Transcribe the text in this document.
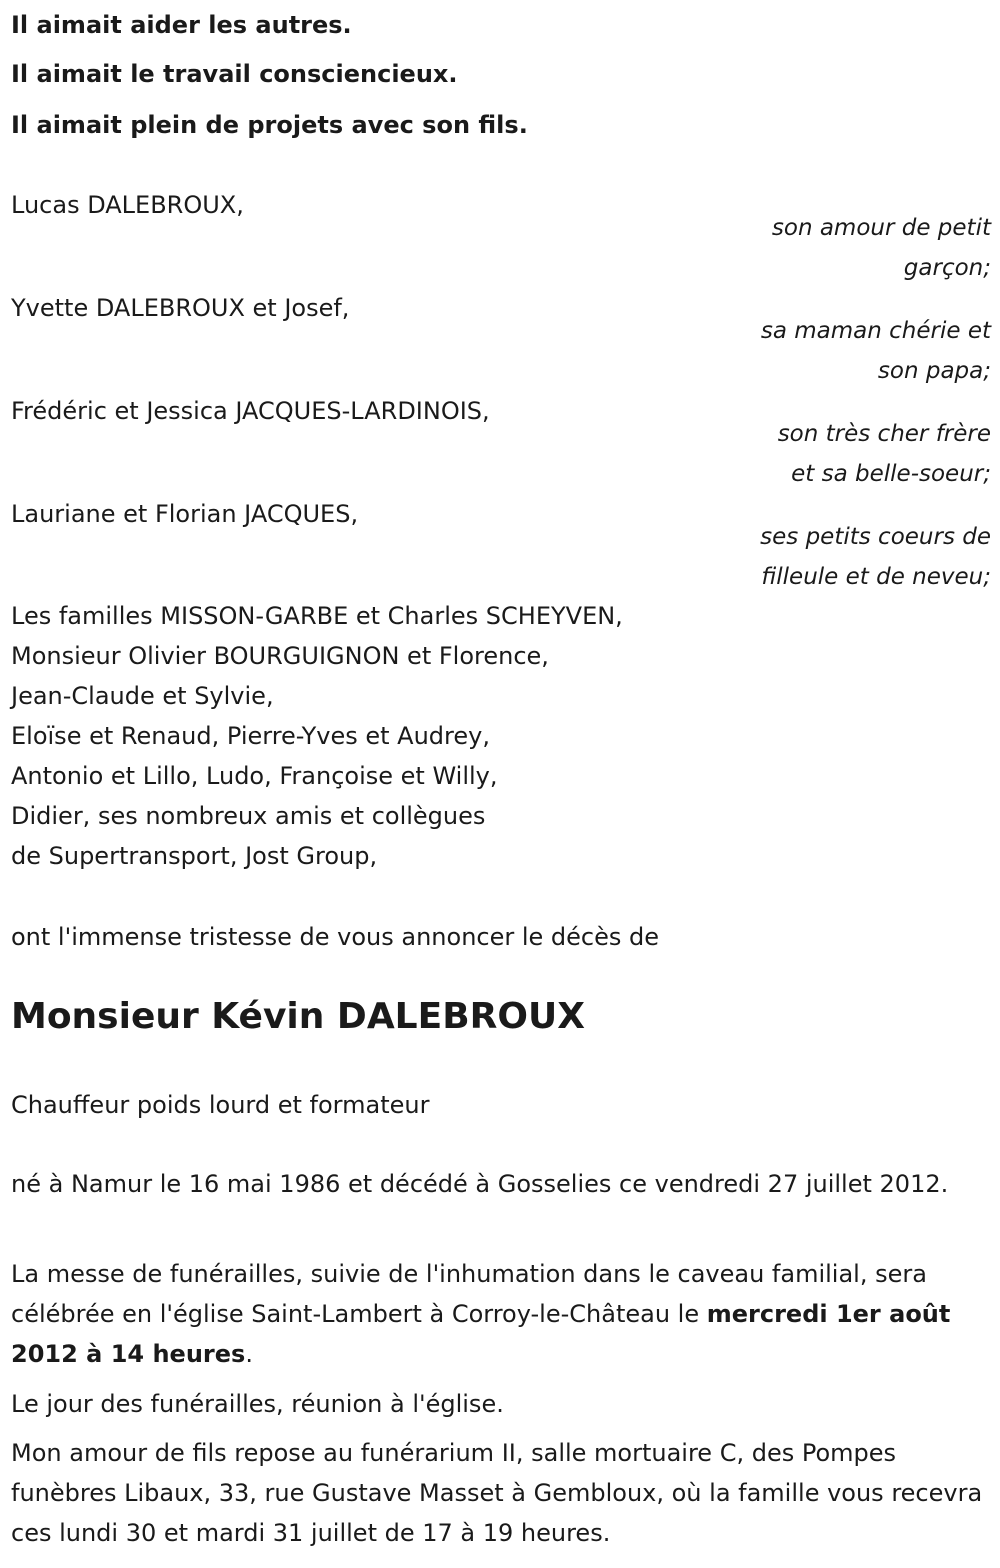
Il aimait aider les autres.

Il aimait le travail consciencieux.

Il aimait plein de projets avec son fils.

Lucas DALEBROUX,
son amour de petit
garçon;
Yvette DALEBROUX et Josef,
sa maman chérie et
son papa;
Frédéric et Jessica JACQUES-LARDINOIS,
son très cher frère
et sa belle-soeur;
Lauriane et Florian JACQUES,
ses petits coeurs de
filleule et de neveu;
Les familles MISSON-GARBE et Charles SCHEYVEN,
Monsieur Olivier BOURGUIGNON et Florence,
Jean-Claude et Sylvie,
Eloïse et Renaud, Pierre-Yves et Audrey,
Antonio et Lillo, Ludo, Françoise et Willy,
Didier, ses nombreux amis et collègues
de Supertransport, Jost Group,
ont l'immense tristesse de vous annoncer le décès de
Monsieur Kévin DALEBROUX
Chauffeur poids lourd et formateur
né à Namur le 16 mai 1986 et décédé à Gosselies ce vendredi 27 juillet 2012.
La messe de funérailles, suivie de l'inhumation dans le caveau familial, sera célébrée en l'église Saint-Lambert à Corroy-le-Château le mercredi 1er août 2012 à 14 heures.
Le jour des funérailles, réunion à l'église.
Mon amour de fils repose au funérarium II, salle mortuaire C, des Pompes funèbres Libaux, 33, rue Gustave Masset à Gembloux, où la famille vous recevra ces lundi 30 et mardi 31 juillet de 17 à 19 heures.
